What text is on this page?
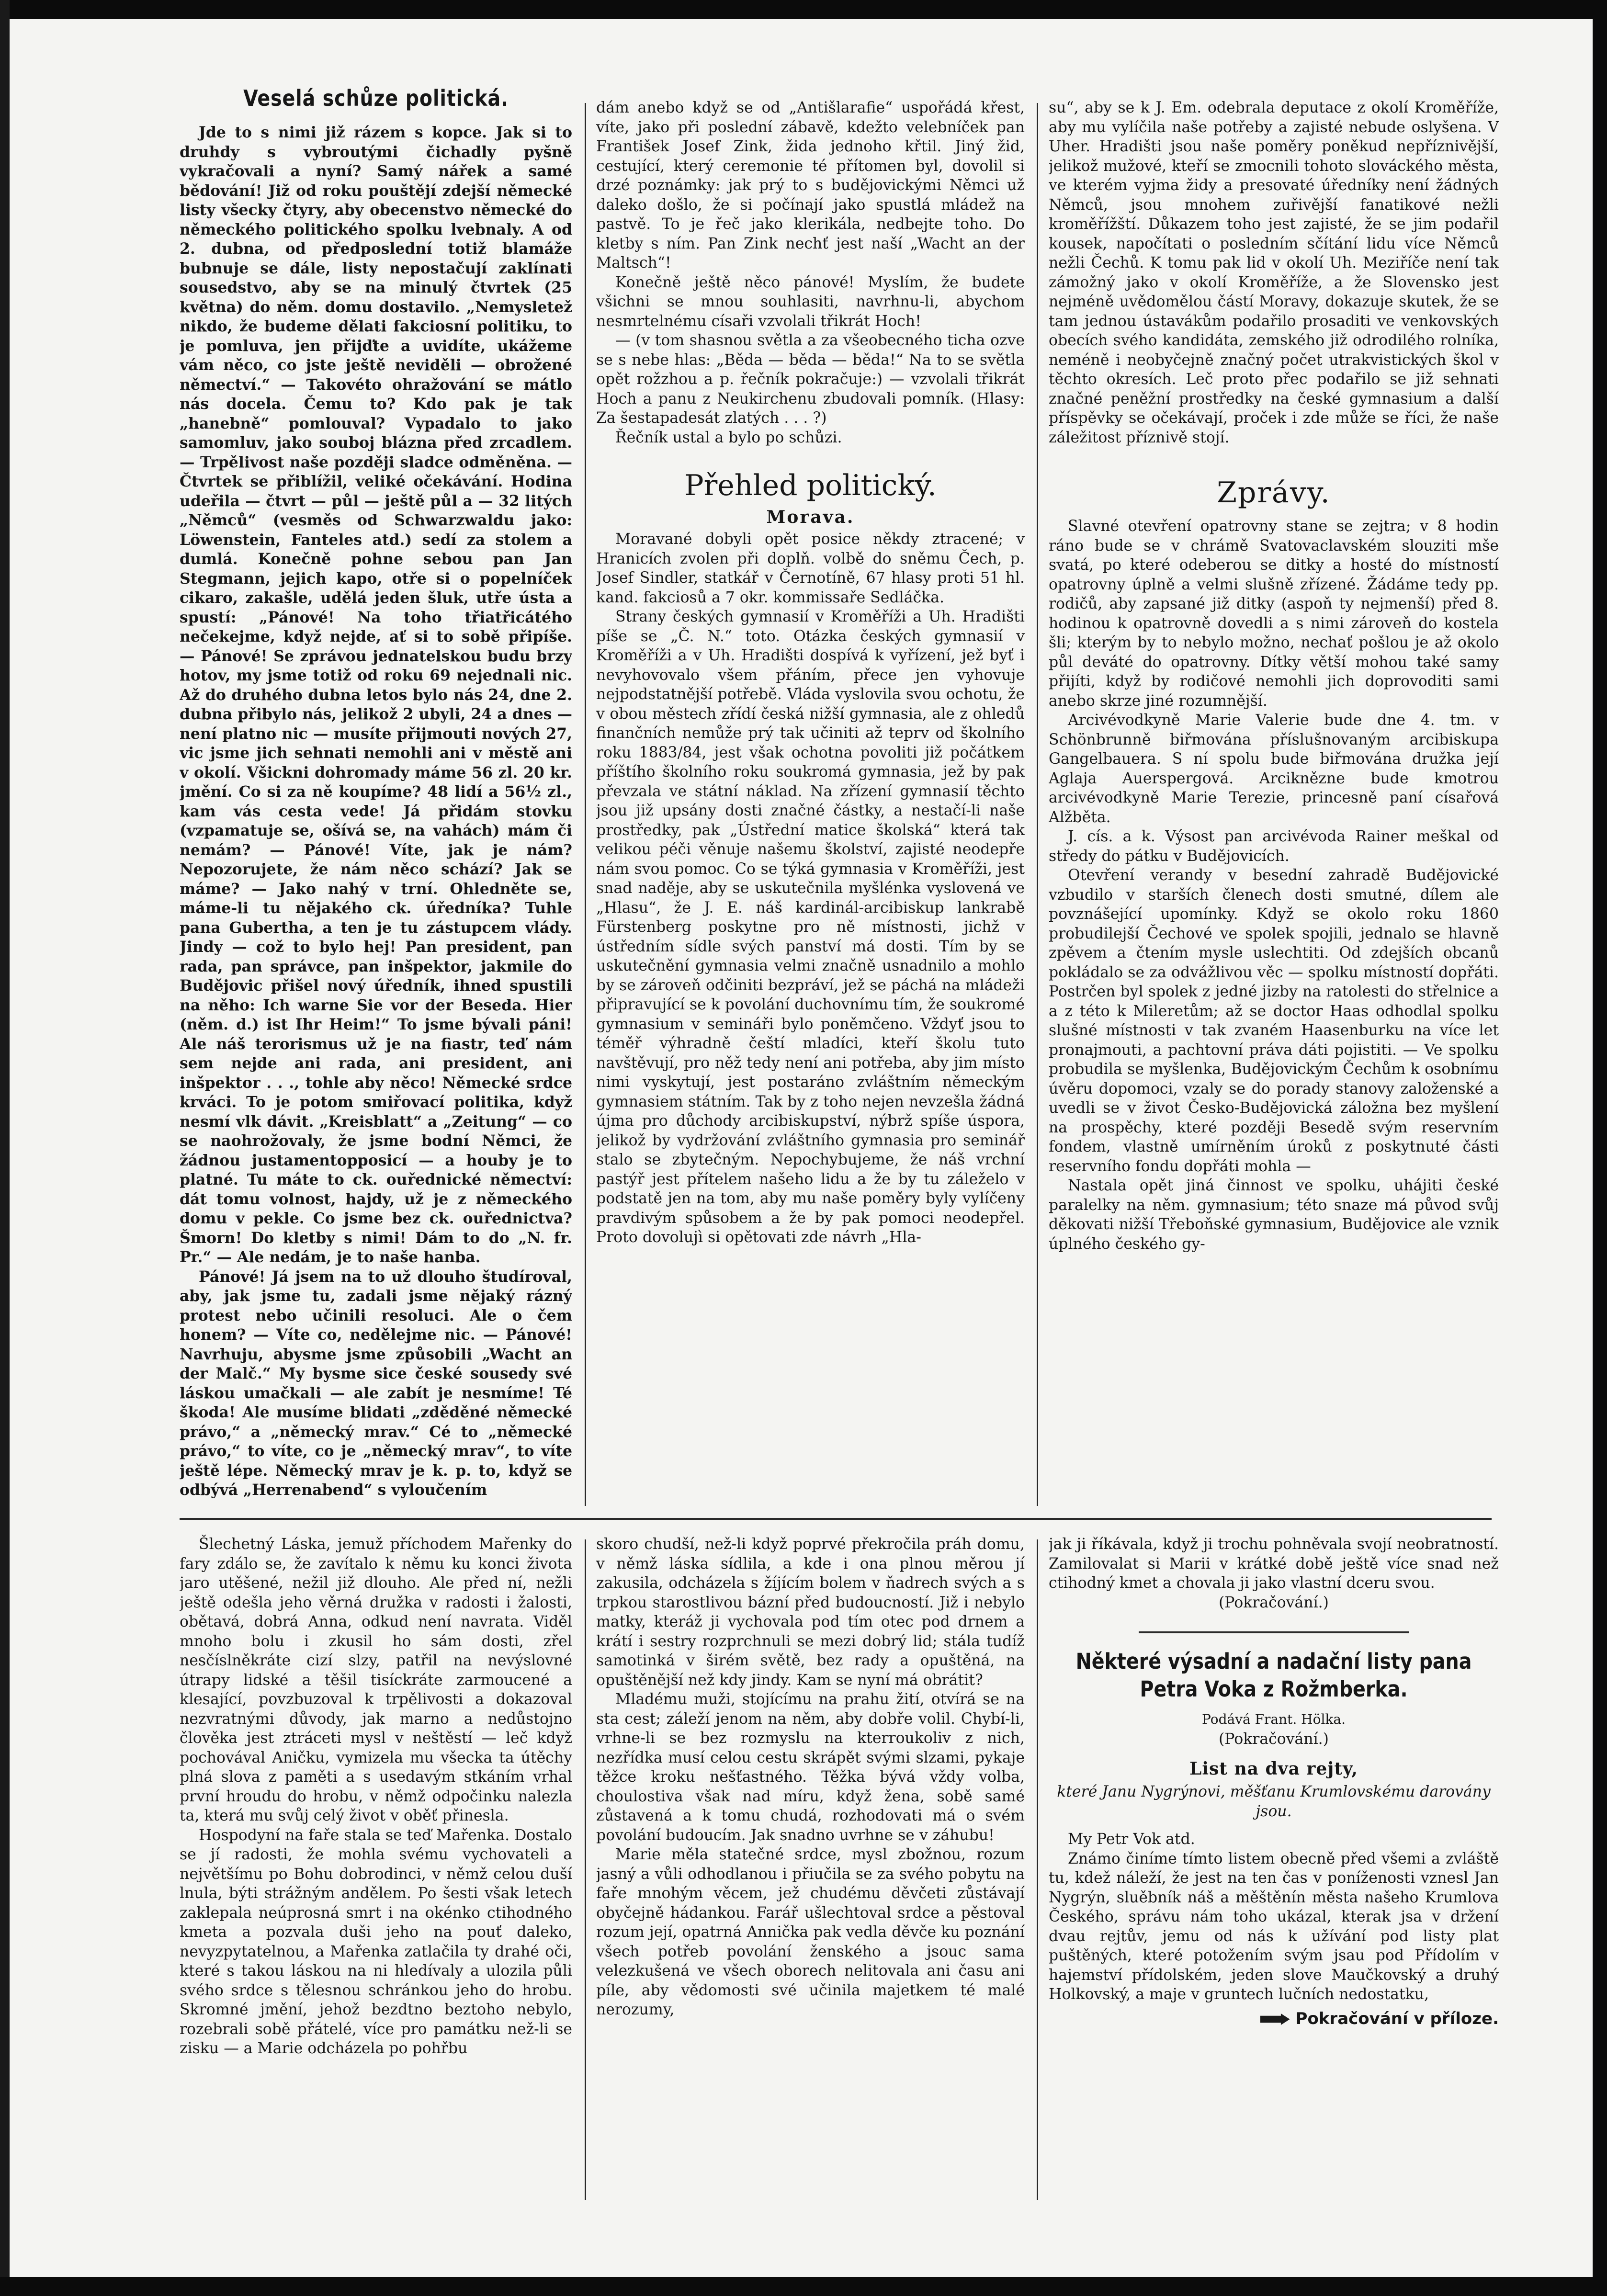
Veselá schůze politická.

Jde to s nimi již rázem s kopce. Jak si to druhdy s vybroutými čichadly pyšně vykračovali a nyní? Samý nářek a samé bědování! Již od roku pouštějí zdejší německé listy všecky čtyry, aby obecenstvo německé do německého politického spolku lvebnaly. A od 2. dubna, od předposlední totiž blamáže bubnuje se dále, listy nepostačují zaklínati sousedstvo, aby se na minulý čtvrtek (25 května) do něm. domu dostavilo. „Nemysletež nikdo, že budeme dělati fakciosní politiku, to je pomluva, jen přijďte a uvidíte, ukážeme vám něco, co jste ještě neviděli — obrožené němectví.“ — Takovéto ohražování se mátlo nás docela. Čemu to? Kdo pak je tak „hanebně“ pomlouval? Vypadalo to jako samomluv, jako souboj blázna před zrcadlem. — Trpělivost naše později sladce odměněna. — Čtvrtek se přiblížil, veliké očekávání. Hodina udeřila — čtvrt — půl — ještě půl a — 32 litých „Němců“ (vesměs od Schwarzwaldu jako: Löwenstein, Fanteles atd.) sedí za stolem a dumlá. Konečně pohne sebou pan Jan Stegmann, jejich kapo, otře si o popelníček cikaro, zakašle, udělá jeden šluk, utře ústa a spustí: „Pánové! Na toho třiatřicátého nečekejme, když nejde, ať si to sobě připíše. — Pánové! Se zprávou jednatelskou budu brzy hotov, my jsme totiž od roku 69 nejednali nic. Až do druhého dubna letos bylo nás 24, dne 2. dubna přibylo nás, jelikož 2 ubyli, 24 a dnes — není platno nic — musíte přijmouti nových 27, vic jsme jich sehnati nemohli ani v městě ani v okolí. Všickni dohromady máme 56 zl. 20 kr. jmění. Co si za ně koupíme? 48 lidí a 56½ zl., kam vás cesta vede! Já přidám stovku (vzpamatuje se, ošívá se, na vahách) mám či nemám? — Pánové! Víte, jak je nám? Nepozorujete, že nám něco schází? Jak se máme? — Jako nahý v trní. Ohledněte se, máme-li tu nějakého ck. úředníka? Tuhle pana Gubertha, a ten je tu zástupcem vlády. Jindy — což to bylo hej! Pan president, pan rada, pan správce, pan inšpektor, jakmile do Budějovic přišel nový úředník, ihned spustili na něho: Ich warne Sie vor der Beseda. Hier (něm. d.) ist Ihr Heim!“ To jsme bývali páni! Ale náš terorismus už je na fiastr, teď nám sem nejde ani rada, ani president, ani inšpektor . . ., tohle aby něco! Německé srdce krváci. To je potom smiřovací politika, když nesmí vlk dávit. „Kreisblatt“ a „Zeitung“ — co se naohrožovaly, že jsme bodní Němci, že žádnou justamentopposicí — a houby je to platné. Tu máte to ck. ouřednické němectví: dát tomu volnost, hajdy, už je z německého domu v pekle. Co jsme bez ck. ouřednictva? Šmorn! Do kletby s nimi! Dám to do „N. fr. Pr.“ — Ale nedám, je to naše hanba.

Pánové! Já jsem na to už dlouho študíroval, aby, jak jsme tu, zadali jsme nějaký rázný protest nebo učinili resoluci. Ale o čem honem? — Víte co, nedělejme nic. — Pánové! Navrhuju, abysme jsme způsobili „Wacht an der Malč.“ My bysme sice české sousedy své láskou umačkali — ale zabít je nesmíme! Té škoda! Ale musíme blidati „zděděné německé právo,“ a „německý mrav.“ Cé to „německé právo,“ to víte, co je „německý mrav“, to víte ještě lépe. Německý mrav je k. p. to, když se odbývá „Herrenabend“ s vyloučením

dám anebo když se od „Antišlarafie“ uspořádá křest, víte, jako při poslední zábavě, kdežto velebníček pan František Josef Zink, žida jednoho křtil. Jiný žid, cestující, který ceremonie té přítomen byl, dovolil si drzé poznámky: jak prý to s budějovickými Němci už daleko došlo, že si počínají jako spustlá mládež na pastvě. To je řeč jako klerikála, nedbejte toho. Do kletby s ním. Pan Zink nechť jest naší „Wacht an der Maltsch“!

Konečně ještě něco pánové! Myslím, že budete všichni se mnou souhlasiti, navrhnu-li, abychom nesmrtelnému císaři vzvolali třikrát Hoch!

— (v tom shasnou světla a za všeobecného ticha ozve se s nebe hlas: „Běda — běda — běda!“ Na to se světla opět rožzhou a p. řečník pokračuje:) — vzvolali třikrát Hoch a panu z Neukirchenu zbudovali pomník. (Hlasy: Za šestapadesát zlatých . . . ?)

Řečník ustal a bylo po schůzi.

Přehled politický.
Morava.

Moravané dobyli opět posice někdy ztracené; v Hranicích zvolen při doplň. volbě do sněmu Čech, p. Josef Sindler, statkář v Černotíně, 67 hlasy proti 51 hl. kand. fakciosů a 7 okr. kommissaře Sedláčka.

Strany českých gymnasií v Kroměříži a Uh. Hradišti píše se „Č. N.“ toto. Otázka českých gymnasií v Kroměříži a v Uh. Hradišti dospívá k vyřízení, jež byť i nevyhovovalo všem přáním, přece jen vyhovuje nejpodstatnější potřebě. Vláda vyslovila svou ochotu, že v obou městech zřídí česká nižší gymnasia, ale z ohledů finančních nemůže prý tak učiniti až teprv od školního roku 1883/84, jest však ochotna povoliti již počátkem příštího školního roku soukromá gymnasia, jež by pak převzala ve státní náklad. Na zřízení gymnasií těchto jsou již upsány dosti značné částky, a nestačí-li naše prostředky, pak „Ústřední matice školská“ která tak velikou péči věnuje našemu školství, zajisté neodepře nám svou pomoc. Co se týká gymnasia v Kroměříži, jest snad naděje, aby se uskutečnila myšlénka vyslovená ve „Hlasu“, že J. E. náš kardinál-arcibiskup lankrabě Fürstenberg poskytne pro ně místnosti, jichž v ústředním sídle svých panství má dosti. Tím by se uskutečnění gymnasia velmi značně usnadnilo a mohlo by se zároveň odčiniti bezpráví, jež se páchá na mládeži připravující se k povolání duchovnímu tím, že soukromé gymnasium v semináři bylo poněmčeno. Vždyť jsou to téměř výhradně čeští mladíci, kteří školu tuto navštěvují, pro něž tedy není ani potřeba, aby jim místo nimi vyskytují, jest postaráno zvláštním německým gymnasiem státním. Tak by z toho nejen nevzešla žádná újma pro důchody arcibiskupství, nýbrž spíše úspora, jelikož by vydržování zvláštního gymnasia pro seminář stalo se zbytečným. Nepochybujeme, že náš vrchní pastýř jest přítelem našeho lidu a že by tu záleželo v podstatě jen na tom, aby mu naše poměry byly vylíčeny pravdivým spůsobem a že by pak pomoci neodepřel. Proto dovolujì si opětovati zde návrh „Hla-

su“, aby se k J. Em. odebrala deputace z okolí Kroměříže, aby mu vylíčila naše potřeby a zajisté nebude oslyšena. V Uher. Hradišti jsou naše poměry poněkud nepříznivější, jelikož mužové, kteří se zmocnili tohoto slováckého města, ve kterém vyjma židy a presovaté úředníky není žádných Němců, jsou mnohem zuřivější fanatikové nežli kroměřížští. Důkazem toho jest zajisté, že se jim podařil kousek, napočítati o posledním sčítání lidu více Němců nežli Čechů. K tomu pak lid v okolí Uh. Meziříče není tak zámožný jako v okolí Kroměříže, a že Slovensko jest nejméně uvědomělou částí Moravy, dokazuje skutek, že se tam jednou ústavákům podařilo prosaditi ve venkovských obecích svého kandidáta, zemského již odrodilého rolníka, neméně i neobyčejně značný počet utrakvistických škol v těchto okresích. Leč proto přec podařilo se již sehnati značné peněžní prostředky na české gymnasium a další příspěvky se očekávají, proček i zde může se říci, že naše záležitost příznivě stojí.

Zprávy.

Slavné otevření opatrovny stane se zejtra; v 8 hodin ráno bude se v chrámě Svatovaclavském slouziti mše svatá, po které odeberou se ditky a hosté do místností opatrovny úplně a velmi slušně zřízené. Žádáme tedy pp. rodičů, aby zapsané již ditky (aspoň ty nejmenší) před 8. hodinou k opatrovně dovedli a s nimi zároveň do kostela šli; kterým by to nebylo možno, nechať pošlou je až okolo půl deváté do opatrovny. Dítky větší mohou také samy přijíti, když by rodičové nemohli jich doprovoditi sami anebo skrze jiné rozumnější.

Arcivévodkyně Marie Valerie bude dne 4. tm. v Schönbrunně biřmována příslušnovaným arcibiskupa Gangelbauera. S ní spolu bude biřmována družka její Aglaja Auerspergová. Arciknězne bude kmotrou arcivévodkyně Marie Terezie, princesně paní císařová Alžběta.

J. cís. a k. Výsost pan arcivévoda Rainer meškal od středy do pátku v Budějovicích.

Otevření verandy v besední zahradě Budějovické vzbudilo v starších členech dosti smutné, dílem ale povznášející upomínky. Když se okolo roku 1860 probudilejší Čechové ve spolek spojili, jednalo se hlavně zpěvem a čtením mysle uslechtiti. Od zdejších obcanů pokládalo se za odvážlivou věc — spolku místností dopřáti. Postrčen byl spolek z jedné jizby na ratolesti do střelnice a a z této k Mileretům; až se doctor Haas odhodlal spolku slušné místnosti v tak zvaném Haasenburku na více let pronajmouti, a pachtovní práva dáti pojistiti. — Ve spolku probudila se myšlenka, Budějovickým Čechům k osobnímu úvěru dopomoci, vzaly se do porady stanovy založenské a uvedli se v život Česko-Budějovická záložna bez myšlení na prospěchy, které později Besedě svým reservním fondem, vlastně umírněním úroků z poskytnuté části reservního fondu dopřáti mohla —

Nastala opět jiná činnost ve spolku, uhájiti české paralelky na něm. gymnasium; této snaze má původ svůj děkovati nižší Třeboňské gymnasium, Budějovice ale vznik úplného českého gy-

Šlechetný Láska, jemuž příchodem Mařenky do fary zdálo se, že zavítalo k němu ku konci života jaro utěšené, nežil již dlouho. Ale před ní, nežli ještě odešla jeho věrná družka v radosti i žalosti, obětavá, dobrá Anna, odkud není navrata. Viděl mnoho bolu i zkusil ho sám dosti, zřel nesčíslněkráte cizí slzy, patřil na nevýslovné útrapy lidské a těšil tisíckráte zarmoucené a klesající, povzbuzoval k trpělivosti a dokazoval nezvratnými důvody, jak marno a nedůstojno člověka jest ztráceti mysl v neštěstí — leč když pochovával Aničku, vymizela mu všecka ta útěchy plná slova z paměti a s usedavým stkáním vrhal první hroudu do hrobu, v němž odpočinku nalezla ta, která mu svůj celý život v oběť přinesla.

Hospodyní na faře stala se teď Mařenka. Dostalo se jí radosti, že mohla svému vychovateli a největšímu po Bohu dobrodinci, v němž celou duší lnula, býti strážným andělem. Po šesti však letech zaklepala neúprosná smrt i na okénko ctihodného kmeta a pozvala duši jeho na pouť daleko, nevyzpytatelnou, a Mařenka zatlačila ty drahé oči, které s takou láskou na ni hledívaly a ulozila půli svého srdce s tělesnou schránkou jeho do hrobu. Skromné jmění, jehož bezdtno beztoho nebylo, rozebrali sobě přátelé, více pro památku než-li se zisku — a Marie odcházela po pohřbu

skoro chudší, než-li když poprvé překročila práh domu, v němž láska sídlila, a kde i ona plnou měrou jí zakusila, odcházela s žíjícím bolem v ňadrech svých a s trpkou starostlivou bázní před budoucností. Již i nebylo matky, kteráž ji vychovala pod tím otec pod drnem a krátí i sestry rozprchnuli se mezi dobrý lid; stála tudíž samotinká v širém světě, bez rady a opuštěná, na opuštěnější než kdy jindy. Kam se nyní má obrátit?

Mladému muži, stojícímu na prahu žití, otvírá se na sta cest; záleží jenom na něm, aby dobře volil. Chybí-li, vrhne-li se bez rozmyslu na kterroukoliv z nich, nezřídka musí celou cestu skrápět svými slzami, pykaje těžce kroku nešťastného. Těžka bývá vždy volba, choulostiva však nad míru, když žena, sobě samé zůstavená a k tomu chudá, rozhodovati má o svém povolání budoucím. Jak snadno uvrhne se v záhubu!

Marie měla statečné srdce, mysl zbožnou, rozum jasný a vůli odhodlanou i přiučila se za svého pobytu na faře mnohým věcem, jež chudému děvčeti zůstávají obyčejně hádankou. Farář ušlechtoval srdce a pěstoval rozum její, opatrná Annička pak vedla děvče ku poznání všech potřeb povolání ženského a jsouc sama velezkušená ve všech oborech nelitovala ani času ani píle, aby vědomosti své učinila majetkem té malé nerozumy,

jak ji říkávala, když ji trochu pohněvala svojí neobratností. Zamilovalat si Marii v krátké době ještě více snad než ctihodný kmet a chovala ji jako vlastní dceru svou.

(Pokračování.)

Některé výsadní a nadační listy pana Petra Voka z Rožmberka.

Podává Frant. Hölka.

(Pokračování.)

List na dva rejty,

které Janu Nygrýnovi, měšťanu Krumlovskému darovány jsou.

My Petr Vok atd.

Známo činíme tímto listem obecně před všemi a zvláště tu, kdež náleží, že jest na ten čas v poníženosti vznesl Jan Nygrýn, sluěbník náš a měštěnín města našeho Krumlova Českého, správu nám toho ukázal, kterak jsa v držení dvau rejtův, jemu od nás k užívání pod listy plat puštěných, které potožením svým jsau pod Přídolím v hajemství přídolském, jeden slove Maučkovský a druhý Holkovský, a maje v gruntech lučních nedostatku,

Pokračování v příloze.
